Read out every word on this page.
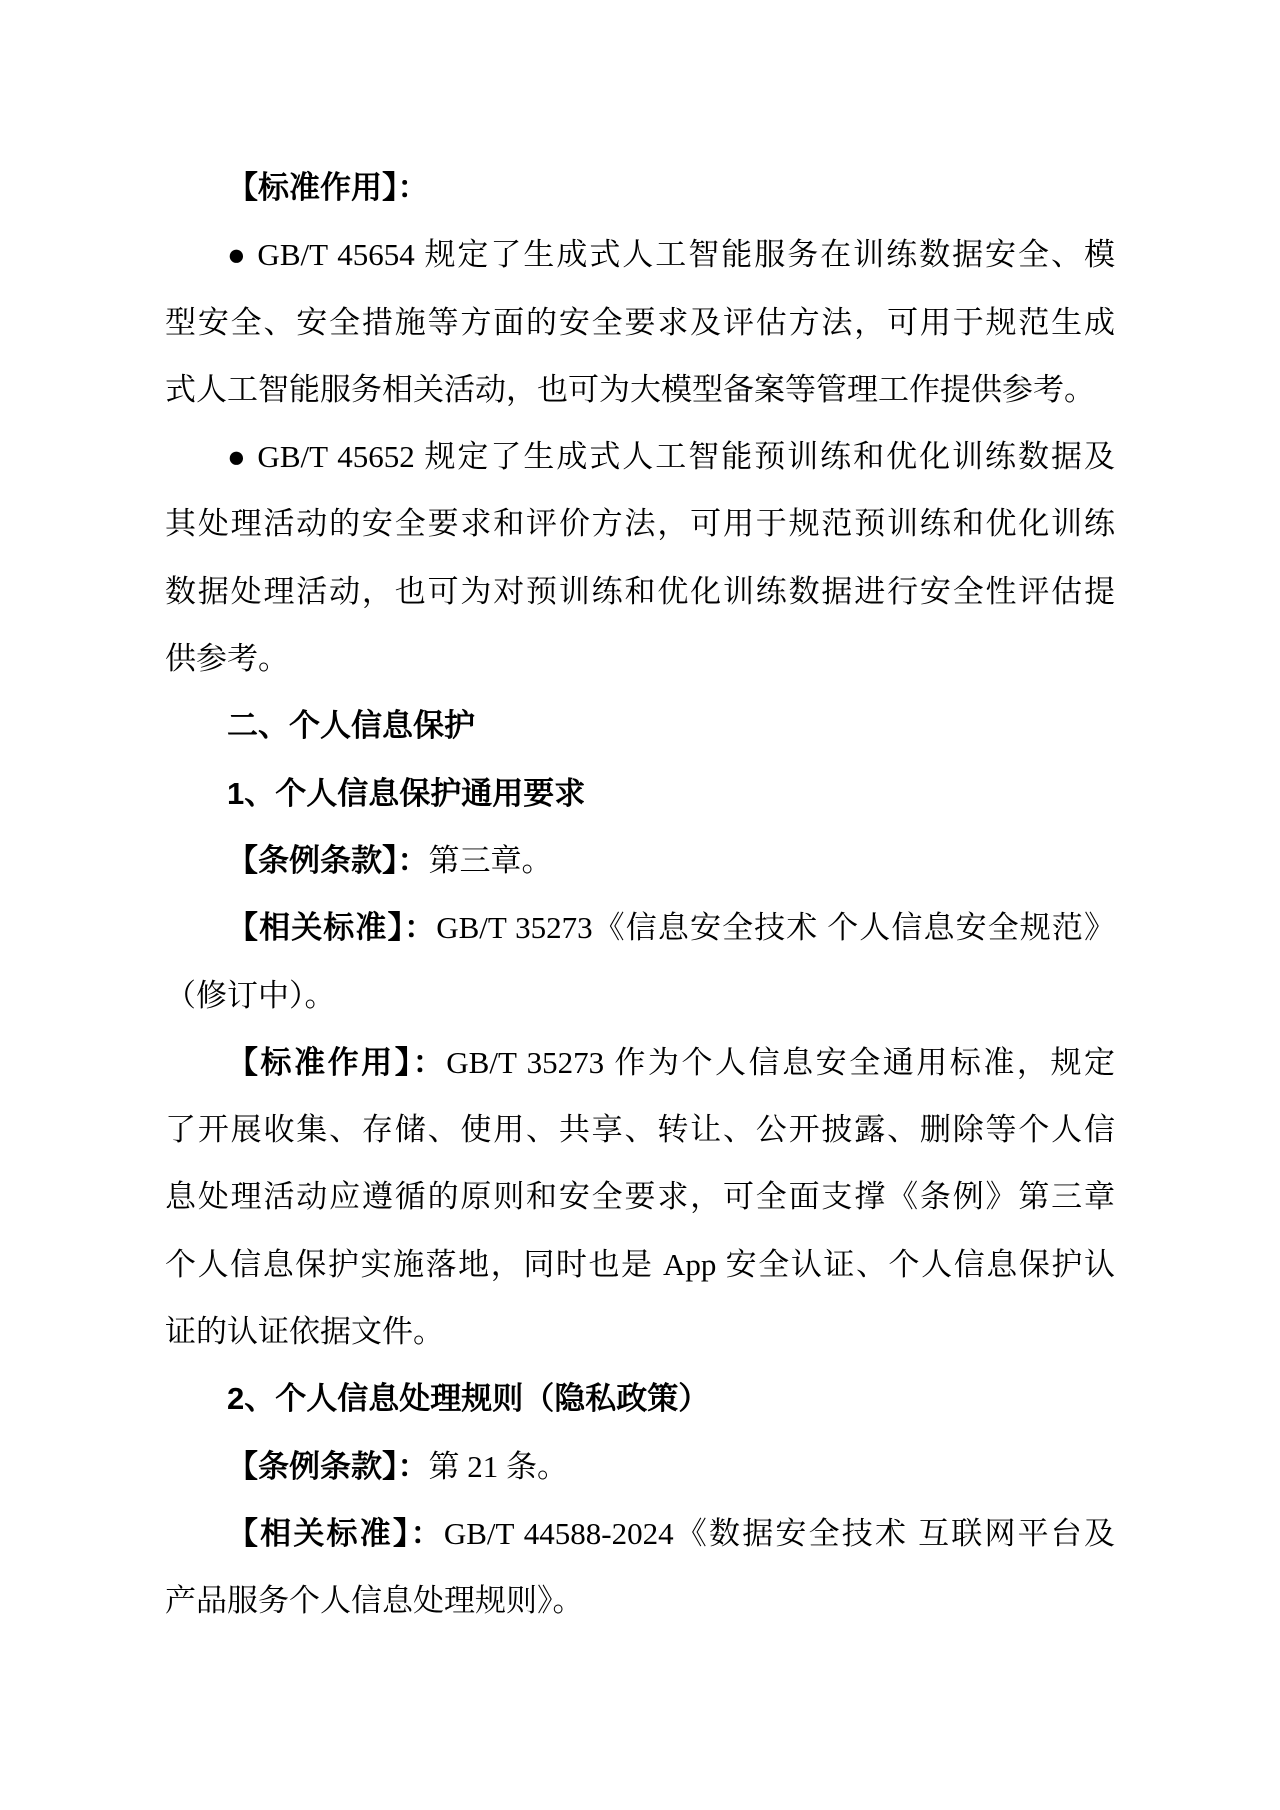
【标准作用】：
● GB/T 45654 规定了生成式人工智能服务在训练数据安全、模
型安全、安全措施等方面的安全要求及评估方法，可用于规范生成
式人工智能服务相关活动，也可为大模型备案等管理工作提供参考。
● GB/T 45652 规定了生成式人工智能预训练和优化训练数据及
其处理活动的安全要求和评价方法，可用于规范预训练和优化训练
数据处理活动，也可为对预训练和优化训练数据进行安全性评估提
供参考。
二、个人信息保护
1、个人信息保护通用要求
【条例条款】：第三章。
【相关标准】：GB/T 35273《信息安全技术 个人信息安全规范》
（修订中）。
【标准作用】：GB/T 35273 作为个人信息安全通用标准，规定
了开展收集、存储、使用、共享、转让、公开披露、删除等个人信
息处理活动应遵循的原则和安全要求，可全面支撑《条例》第三章
个人信息保护实施落地，同时也是 App 安全认证、个人信息保护认
证的认证依据文件。
2、个人信息处理规则（隐私政策）
【条例条款】：第 21 条。
【相关标准】：GB/T 44588-2024《数据安全技术 互联网平台及
产品服务个人信息处理规则》。
